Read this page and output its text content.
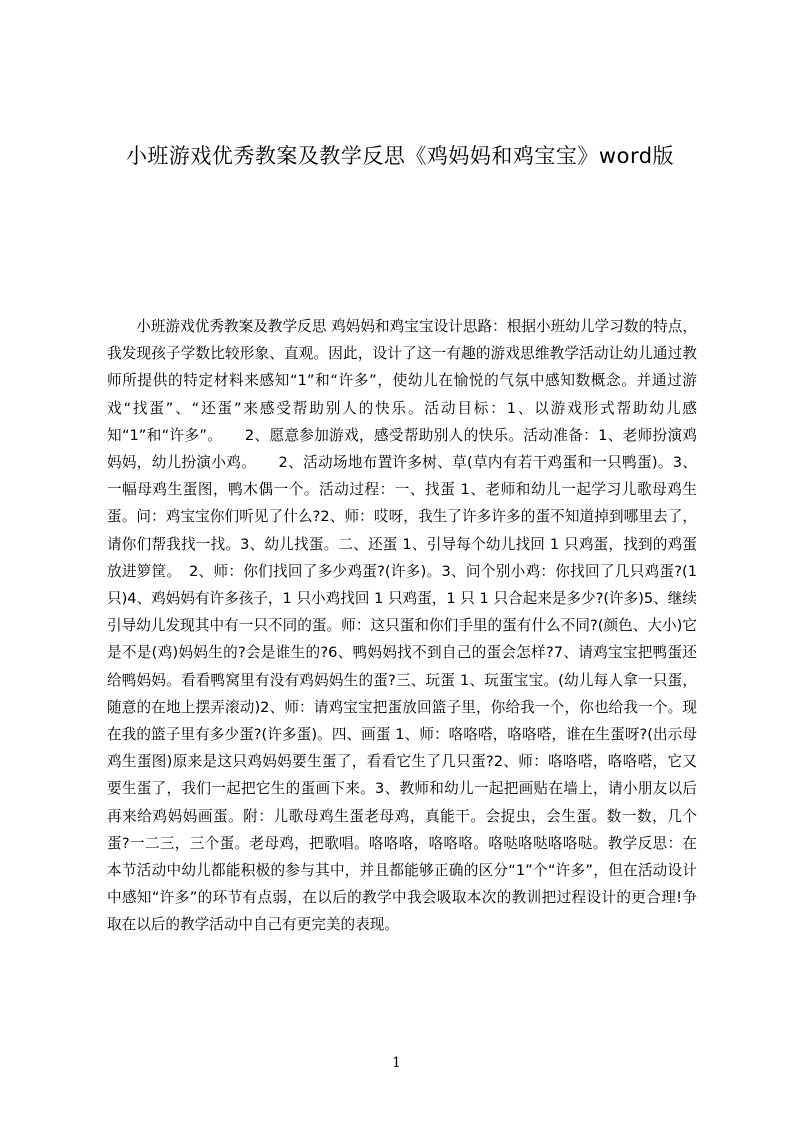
小班游戏优秀教案及教学反思《鸡妈妈和鸡宝宝》word版

小班游戏优秀教案及教学反思 鸡妈妈和鸡宝宝设计思路：根据小班幼儿学习数的特点，我发现孩子学数比较形象、直观。因此，设计了这一有趣的游戏思维教学活动让幼儿通过教师所提供的特定材料来感知“1”和“许多”，使幼儿在愉悦的气氛中感知数概念。并通过游戏“找蛋”、“还蛋”来感受帮助别人的快乐。活动目标：1、以游戏形式帮助幼儿感知“1”和“许多”。　　2、愿意参加游戏，感受帮助别人的快乐。活动准备：1、老师扮演鸡妈妈，幼儿扮演小鸡。　　2、活动场地布置许多树、草(草内有若干鸡蛋和一只鸭蛋)。3、一幅母鸡生蛋图，鸭木偶一个。活动过程：一、找蛋 1、老师和幼儿一起学习儿歌母鸡生蛋。问：鸡宝宝你们听见了什么?2、师：哎呀，我生了许多许多的蛋不知道掉到哪里去了，请你们帮我找一找。3、幼儿找蛋。二、还蛋 1、引导每个幼儿找回 1 只鸡蛋，找到的鸡蛋放进箩筐。　2、师：你们找回了多少鸡蛋?(许多)。3、问个别小鸡：你找回了几只鸡蛋?(1 只)4、鸡妈妈有许多孩子，1 只小鸡找回 1 只鸡蛋，1 只 1 只合起来是多少?(许多)5、继续引导幼儿发现其中有一只不同的蛋。师：这只蛋和你们手里的蛋有什么不同?(颜色、大小)它是不是(鸡)妈妈生的?会是谁生的?6、鸭妈妈找不到自己的蛋会怎样?7、请鸡宝宝把鸭蛋还给鸭妈妈。看看鸭窝里有没有鸡妈妈生的蛋?三、玩蛋 1、玩蛋宝宝。(幼儿每人拿一只蛋，随意的在地上摆弄滚动)2、师：请鸡宝宝把蛋放回篮子里，你给我一个，你也给我一个。现在我的篮子里有多少蛋?(许多蛋)。四、画蛋 1、师：咯咯嗒，咯咯嗒，谁在生蛋呀?(出示母鸡生蛋图)原来是这只鸡妈妈要生蛋了，看看它生了几只蛋?2、师：咯咯嗒，咯咯嗒，它又要生蛋了，我们一起把它生的蛋画下来。3、教师和幼儿一起把画贴在墙上，请小朋友以后再来给鸡妈妈画蛋。附：儿歌母鸡生蛋老母鸡，真能干。会捉虫，会生蛋。数一数，几个蛋?一二三，三个蛋。老母鸡，把歌唱。咯咯咯，咯咯咯。咯哒咯哒咯咯哒。教学反思：在本节活动中幼儿都能积极的参与其中，并且都能够正确的区分“1”个“许多”，但在活动设计中感知“许多”的环节有点弱，在以后的教学中我会吸取本次的教训把过程设计的更合理!争取在以后的教学活动中自己有更完美的表现。

1
